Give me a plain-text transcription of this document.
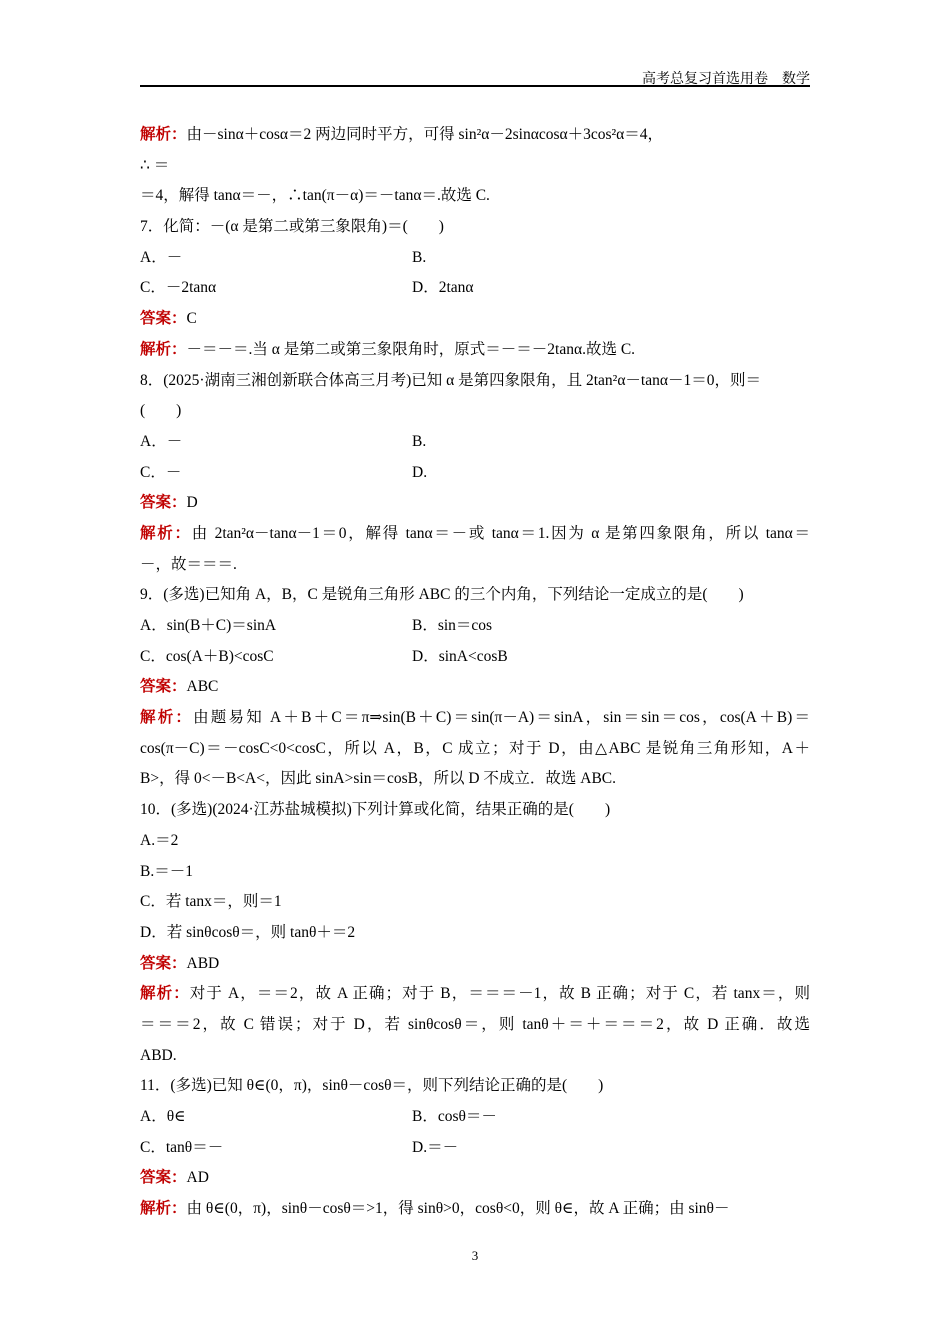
高考总复习首选用卷　数学
解析：由－sinα＋cosα＝2 两边同时平方，可得 sin²α－2sinαcosα＋3cos²α＝4，
∴ ＝
＝4，解得 tanα＝－，∴tan(π－α)＝－tanα＝.故选 C.
7．化简：－(α 是第二或第三象限角)＝(　　)
A．－	B.
C．－2tanα	D．2tanα
答案：C
解析：－＝－＝.当 α 是第二或第三象限角时，原式＝－＝－2tanα.故选 C.
8．(2025·湖南三湘创新联合体高三月考)已知 α 是第四象限角，且 2tan²α－tanα－1＝0，则＝
(　　)
A．－	B.
C．－	D.
答案：D
解析：由 2tan²α－tanα－1＝0，解得 tanα＝－或 tanα＝1.因为 α 是第四象限角，所以 tanα＝
－，故＝＝＝.
9．(多选)已知角 A，B，C 是锐角三角形 ABC 的三个内角，下列结论一定成立的是(　　)
A．sin(B＋C)＝sinA	B．sin＝cos
C．cos(A＋B)<cosC	D．sinA<cosB
答案：ABC
解析：由题易知 A＋B＋C＝π⇒sin(B＋C)＝sin(π－A)＝sinA，sin＝sin＝cos，cos(A＋B)＝
cos(π－C)＝－cosC<0<cosC，所以 A，B，C 成立；对于 D，由△ABC 是锐角三角形知，A＋
B>，得 0<－B<A<，因此 sinA>sin＝cosB，所以 D 不成立．故选 ABC.
10．(多选)(2024·江苏盐城模拟)下列计算或化简，结果正确的是(　　)
A.＝2
B.＝－1
C．若 tanx＝，则＝1
D．若 sinθcosθ＝，则 tanθ＋＝2
答案：ABD
解析：对于 A，＝＝2，故 A 正确；对于 B，＝＝＝－1，故 B 正确；对于 C，若 tanx＝，则
＝＝＝2，故 C 错误；对于 D，若 sinθcosθ＝，则 tanθ＋＝＋＝＝＝2，故 D 正确．故选
ABD.
11．(多选)已知 θ∈(0，π)，sinθ－cosθ＝，则下列结论正确的是(　　)
A．θ∈	B．cosθ＝－
C．tanθ＝－	D.＝－
答案：AD
解析：由 θ∈(0，π)，sinθ－cosθ＝>1，得 sinθ>0，cosθ<0，则 θ∈，故 A 正确；由 sinθ－
3
